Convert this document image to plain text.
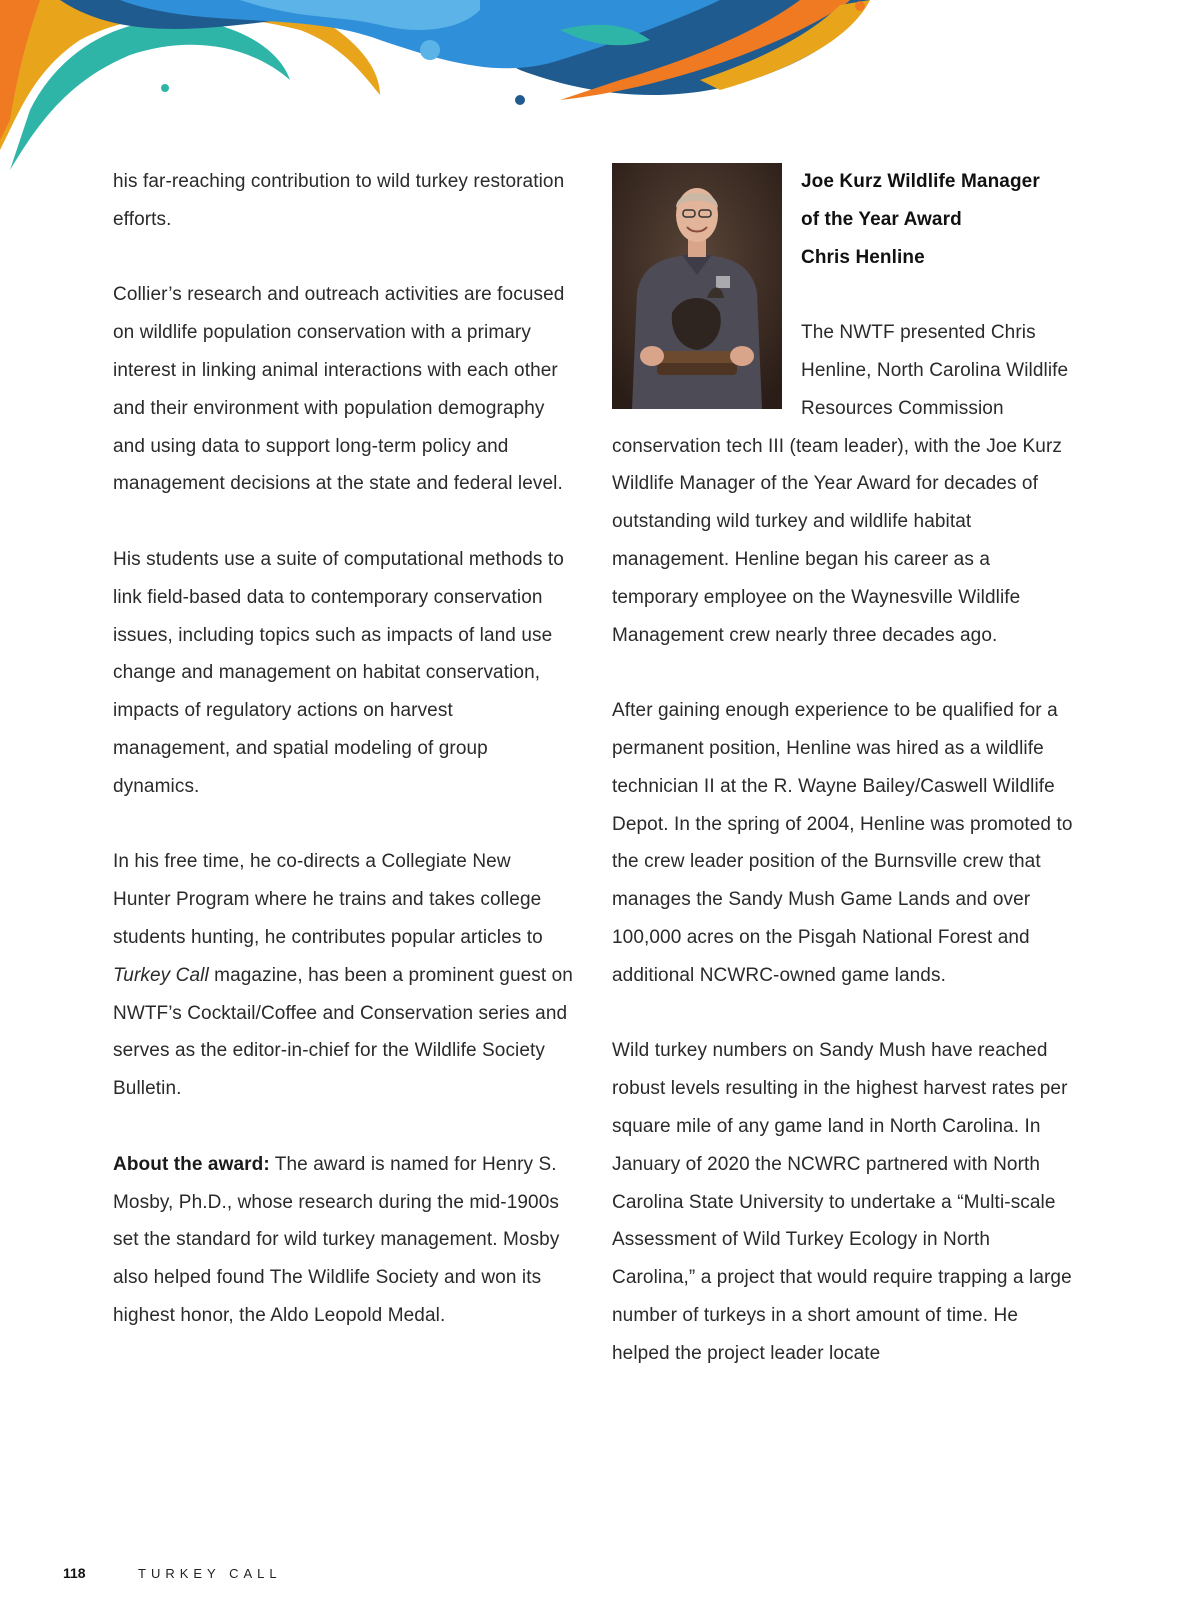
his far-reaching contribution to wild turkey restoration efforts.

Collier’s research and outreach activities are focused on wildlife population conservation with a primary interest in linking animal interactions with each other and their environment with population demography and using data to support long-term policy and management decisions at the state and federal level.

His students use a suite of computational methods to link field-based data to contemporary conservation issues, including topics such as impacts of land use change and management on habitat conservation, impacts of regulatory actions on harvest management, and spatial modeling of group dynamics.

In his free time, he co-directs a Collegiate New Hunter Program where he trains and takes college students hunting, he contributes popular articles to Turkey Call magazine, has been a prominent guest on NWTF’s Cocktail/Coffee and Conservation series and serves as the editor-in-chief for the Wildlife Society Bulletin.

About the award: The award is named for Henry S. Mosby, Ph.D., whose research during the mid-1900s set the standard for wild turkey management. Mosby also helped found The Wildlife Society and won its highest honor, the Aldo Leopold Medal.

Joe Kurz Wildlife Manager
of the Year Award
Chris Henline

The NWTF presented Chris Henline, North Carolina Wildlife Resources Commission conservation tech III (team leader), with the Joe Kurz Wildlife Manager of the Year Award for decades of outstanding wild turkey and wildlife habitat management. Henline began his career as a temporary employee on the Waynesville Wildlife Management crew nearly three decades ago.

After gaining enough experience to be qualified for a permanent position, Henline was hired as a wildlife technician II at the R. Wayne Bailey/Caswell Wildlife Depot. In the spring of 2004, Henline was promoted to the crew leader position of the Burnsville crew that manages the Sandy Mush Game Lands and over 100,000 acres on the Pisgah National Forest and additional NCWRC-owned game lands.

Wild turkey numbers on Sandy Mush have reached robust levels resulting in the highest harvest rates per square mile of any game land in North Carolina. In January of 2020 the NCWRC partnered with North Carolina State University to undertake a “Multi-scale Assessment of Wild Turkey Ecology in North Carolina,” a project that would require trapping a large number of turkeys in a short amount of time. He helped the project leader locate

118	TURKEY CALL
